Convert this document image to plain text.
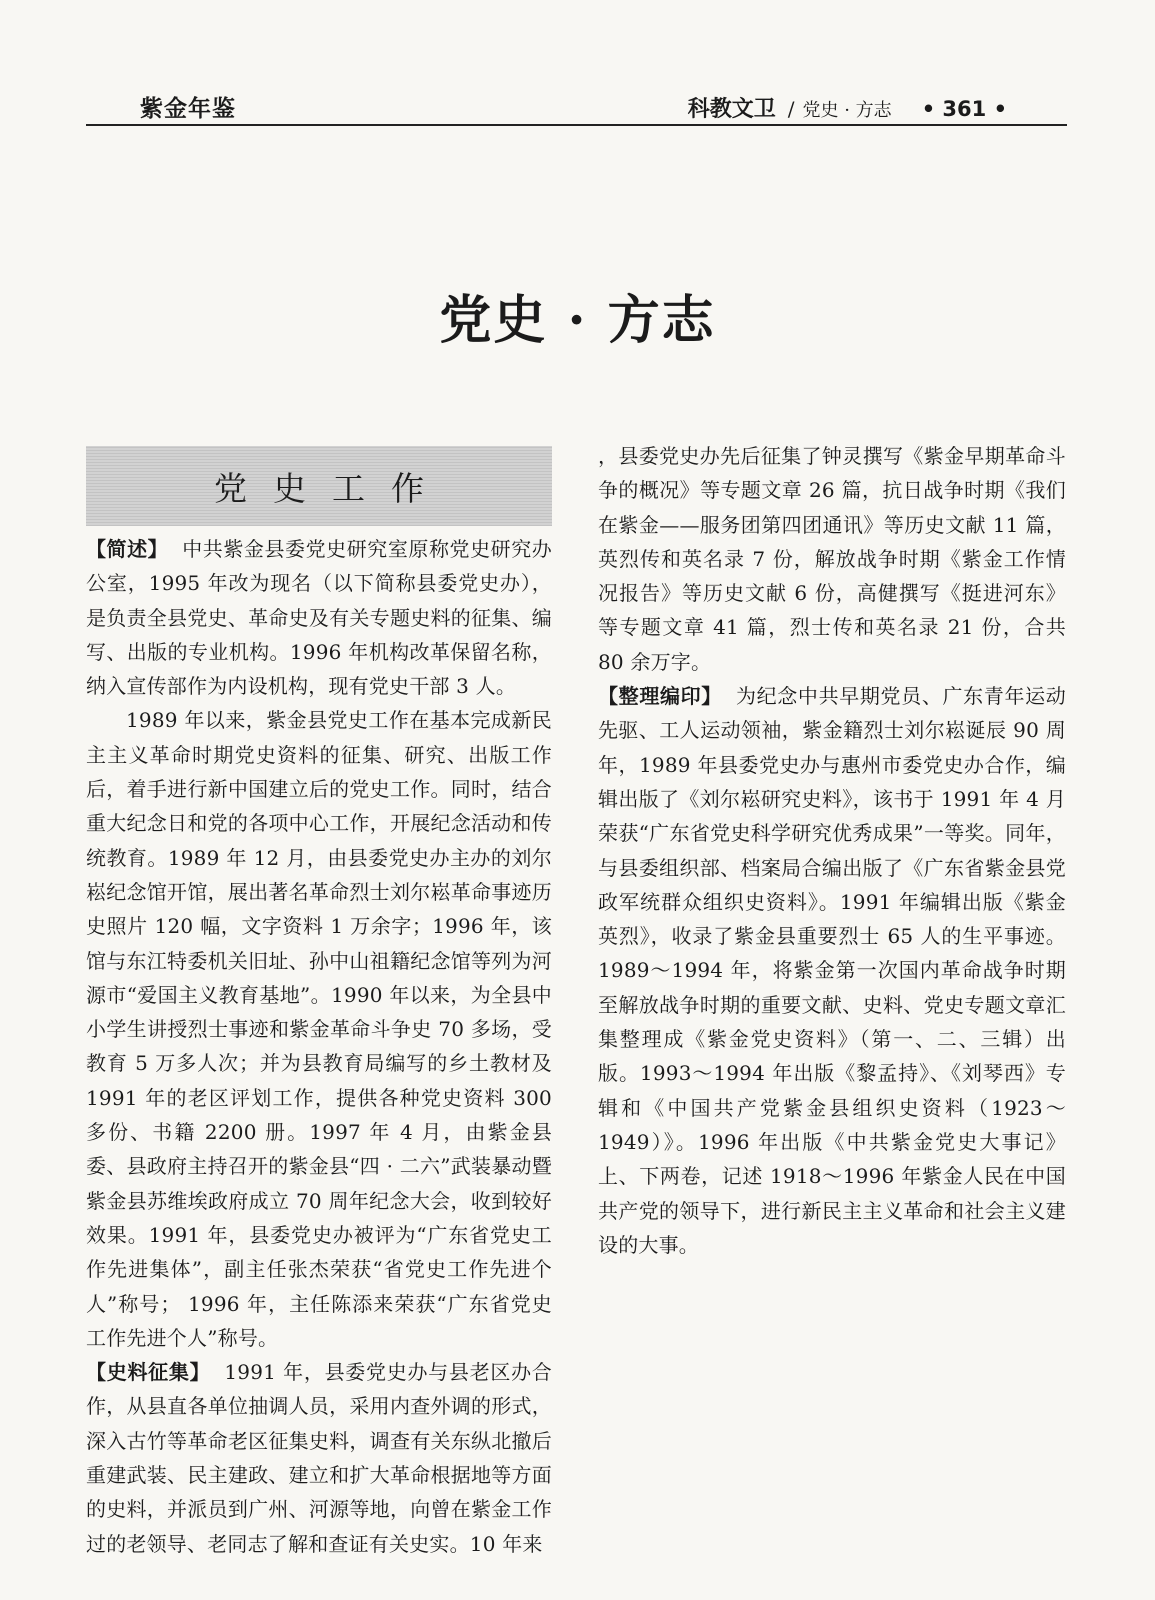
紫金年鉴	科教文卫 / 党史 · 方志 • 361 •
党史 · 方志
党史工作

【简述】 中共紫金县委党史研究室原称党史研究办公室，1995 年改为现名（以下简称县委党史办），是负责全县党史、革命史及有关专题史料的征集、编写、出版的专业机构。1996 年机构改革保留名称，纳入宣传部作为内设机构，现有党史干部 3 人。

1989 年以来，紫金县党史工作在基本完成新民主主义革命时期党史资料的征集、研究、出版工作后，着手进行新中国建立后的党史工作。同时，结合重大纪念日和党的各项中心工作，开展纪念活动和传统教育。1989 年 12 月，由县委党史办主办的刘尔崧纪念馆开馆，展出著名革命烈士刘尔崧革命事迹历史照片 120 幅，文字资料 1 万余字；1996 年，该馆与东江特委机关旧址、孙中山祖籍纪念馆等列为河源市“爱国主义教育基地”。1990 年以来，为全县中小学生讲授烈士事迹和紫金革命斗争史 70 多场，受教育 5 万多人次；并为县教育局编写的乡土教材及 1991 年的老区评划工作，提供各种党史资料 300 多份、书籍 2200 册。1997 年 4 月，由紫金县委、县政府主持召开的紫金县“四 · 二六”武装暴动暨紫金县苏维埃政府成立 70 周年纪念大会，收到较好效果。1991 年，县委党史办被评为“广东省党史工作先进集体”，副主任张杰荣获“省党史工作先进个人”称号； 1996 年，主任陈添来荣获“广东省党史工作先进个人”称号。

【史料征集】 1991 年，县委党史办与县老区办合作，从县直各单位抽调人员，采用内查外调的形式，深入古竹等革命老区征集史料，调查有关东纵北撤后重建武装、民主建政、建立和扩大革命根据地等方面的史料，并派员到广州、河源等地，向曾在紫金工作过的老领导、老同志了解和查证有关史实。10 年来

，县委党史办先后征集了钟灵撰写《紫金早期革命斗争的概况》等专题文章 26 篇，抗日战争时期《我们在紫金——服务团第四团通讯》等历史文献 11 篇，英烈传和英名录 7 份，解放战争时期《紫金工作情况报告》等历史文献 6 份，高健撰写《挺进河东》等专题文章 41 篇，烈士传和英名录 21 份，合共 80 余万字。

【整理编印】 为纪念中共早期党员、广东青年运动先驱、工人运动领袖，紫金籍烈士刘尔崧诞辰 90 周年，1989 年县委党史办与惠州市委党史办合作，编辑出版了《刘尔崧研究史料》，该书于 1991 年 4 月荣获“广东省党史科学研究优秀成果”一等奖。同年，与县委组织部、档案局合编出版了《广东省紫金县党政军统群众组织史资料》。1991 年编辑出版《紫金英烈》，收录了紫金县重要烈士 65 人的生平事迹。1989～1994 年，将紫金第一次国内革命战争时期至解放战争时期的重要文献、史料、党史专题文章汇集整理成《紫金党史资料》（第一、二、三辑）出版。1993～1994 年出版《黎孟持》、《刘琴西》专辑和《中国共产党紫金县组织史资料（1923～1949）》。1996 年出版《中共紫金党史大事记》上、下两卷，记述 1918～1996 年紫金人民在中国共产党的领导下，进行新民主主义革命和社会主义建设的大事。
